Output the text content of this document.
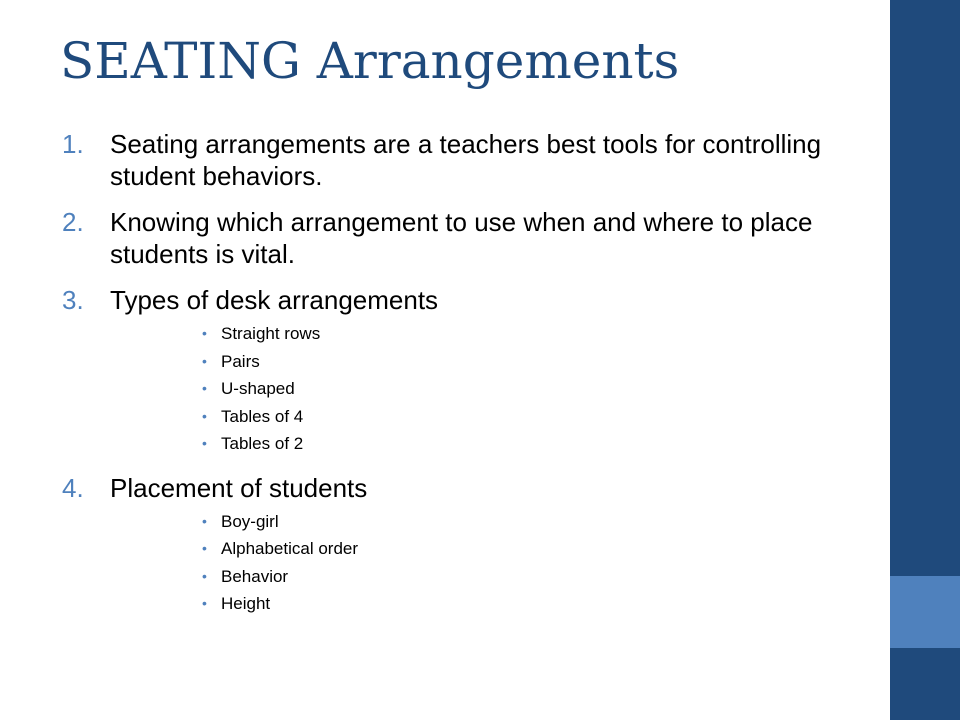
SEATING Arrangements
1. Seating arrangements are a teachers best tools for controlling student behaviors.
2. Knowing which arrangement to use when and where to place students is vital.
3. Types of desk arrangements
• Straight rows
• Pairs
• U-shaped
• Tables of 4
• Tables of 2
4. Placement of students
• Boy-girl
• Alphabetical order
• Behavior
• Height
